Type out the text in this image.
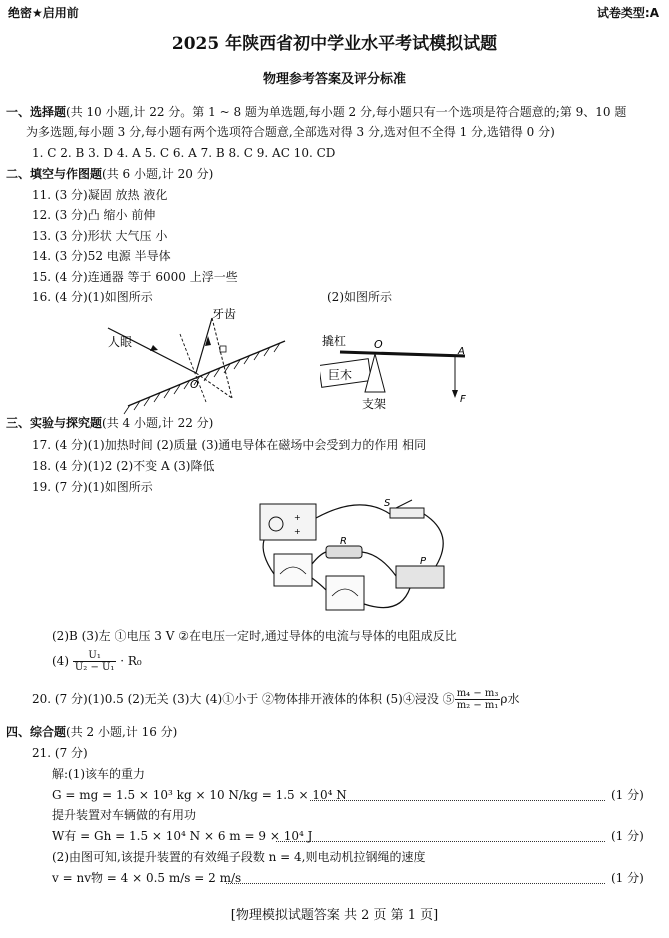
绝密★启用前	试卷类型:A
2025 年陕西省初中学业水平考试模拟试题
物理参考答案及评分标准
一、选择题(共 10 小题,计 22 分。第 1 ~ 8 题为单选题,每小题 2 分,每小题只有一个选项是符合题意的;第 9、10 题
为多选题,每小题 3 分,每小题有两个选项符合题意,全部选对得 3 分,选对但不全得 1 分,选错得 0 分)
1. C 2. B 3. D 4. A 5. C 6. A 7. B 8. C 9. AC 10. CD
二、填空与作图题(共 6 小题,计 20 分)
11. (3 分)凝固 放热 液化
12. (3 分)凸 缩小 前伸
13. (3 分)形状 大气压 小
14. (3 分)52 电源 半导体
15. (4 分)连通器 等于 6000 上浮一些
16. (4 分)(1)如图所示	(2)如图所示
人眼
牙齿
O
撬杠	O
A
巨木
支架	F
三、实验与探究题(共 4 小题,计 22 分)
17. (4 分)(1)加热时间 (2)质量 (3)通电导体在磁场中会受到力的作用 相同
18. (4 分)(1)2 (2)不变 A (3)降低
19. (7 分)(1)如图所示
+
+
S
R
P
(2)B (3)左 ①电压 3 V ②在电压一定时,通过导体的电流与导体的电阻成反比
$(4) \frac{\text{U₁}}{\text{U₂ − U₁}} \cdot R_0$
20. (7 分)(1)0.5 (2)无关 (3)大 (4)①小于 ②物体排开液体的体积 (5)④浸没 ⑤ $\frac{\text{m₄ − m₃}}{\text{m₂ − m₁}}$ ρ水
四、综合题(共 2 小题,计 16 分)
21. (7 分)
解:(1)该车的重力
G = mg = 1.5 × 10³ kg × 10 N/kg = 1.5 × 10⁴ N	(1 分)
提升装置对车辆做的有用功
W有 = Gh = 1.5 × 10⁴ N × 6 m = 9 × 10⁴ J	(1 分)
(2)由图可知,该提升装置的有效绳子段数 n = 4,则电动机拉钢绳的速度
v = nv物 = 4 × 0.5 m/s = 2 m/s	(1 分)
[物理模拟试题答案 共 2 页 第 1 页]
